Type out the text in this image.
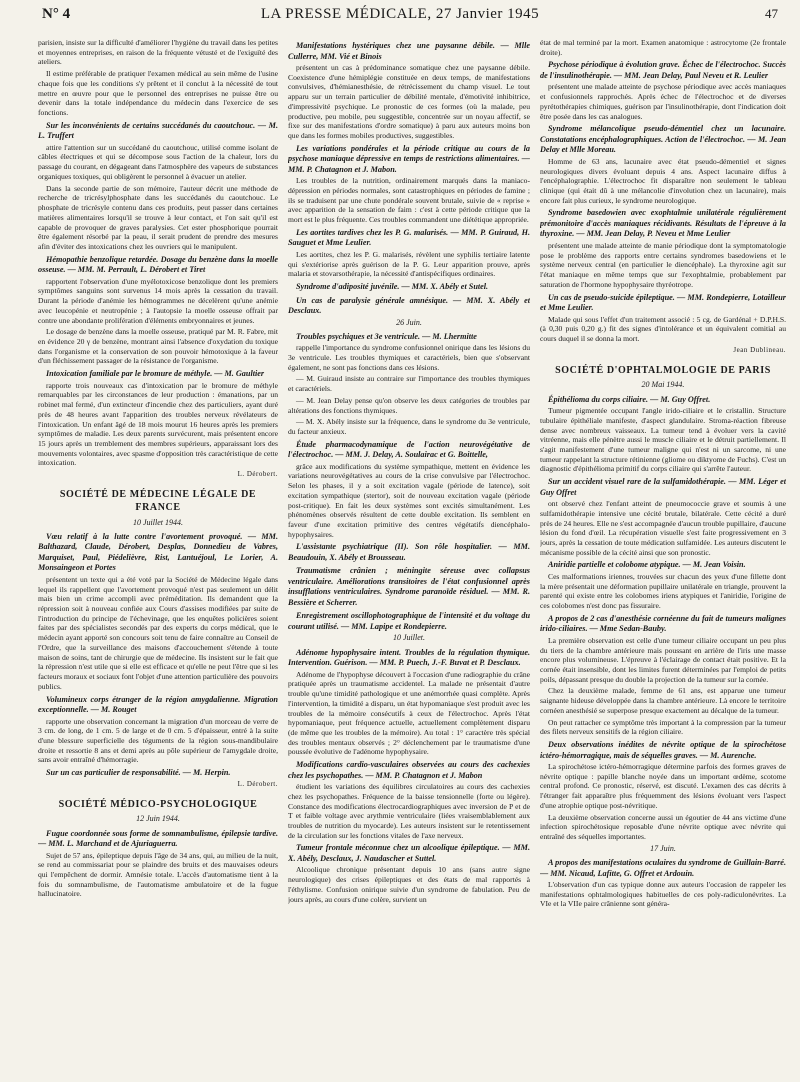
N° 4	LA PRESSE MÉDICALE, 27 Janvier 1945	47

parisien, insiste sur la difficulté d'améliorer l'hygiène du travail dans les petites et moyennes entreprises, en raison de la fréquente vétusté et de l'exiguïté des ateliers.

Il estime préférable de pratiquer l'examen médical au sein même de l'usine chaque fois que les conditions s'y prêtent et il conclut à la nécessité de tout mettre en œuvre pour que le personnel des entreprises ne puisse être ou devenir dans la totale indépendance du médecin dans l'exercice de ses fonctions.

Sur les inconvénients de certains succédanés du caoutchouc. — M. L. Truffert

attire l'attention sur un succédané du caoutchouc, utilisé comme isolant de câbles électriques et qui se décompose sous l'action de la chaleur, lors du passage du courant, en dégageant dans l'atmosphère des vapeurs de substances organiques toxiques, qui obligèrent le personnel à évacuer un atelier.

Dans la seconde partie de son mémoire, l'auteur décrit une méthode de recherche de tricrésylphosphate dans les succédanés du caoutchouc. Le phosphate de tricrésyle contenu dans ces produits, peut passer dans certaines matières alimentaires lorsqu'il se trouve à leur contact, et l'on sait qu'il est capable de provoquer de graves paralysies. Cet ester phosphorique pourrait être également résorbé par la peau, il serait prudent de prendre des mesures afin d'éviter des intoxications chez les ouvriers qui le manipulent.

Hémopathie benzolique retardée. Dosage du benzène dans la moelle osseuse. — MM. M. Perrault, L. Dérobert et Tiret

rapportent l'observation d'une myélotoxicose benzolique dont les premiers symptômes sanguins sont survenus 14 mois après la cessation du travail. Durant la période d'anémie les hémogrammes ne décelèrent qu'une anémie avec leucopénie et neutropénie ; à l'autopsie la moelle osseuse offrait par contre une abondante prolifération d'éléments embryonnaires et jeunes.

Le dosage de benzène dans la moelle osseuse, pratiqué par M. R. Fabre, mit en évidence 20 γ de benzène, montrant ainsi l'absence d'oxydation du toxique dans l'organisme et la conservation de son pouvoir hémotoxique à la faveur d'un fléchissement passager de la résistance de l'organisme.

Intoxication familiale par le bromure de méthyle. — M. Gaultier

rapporte trois nouveaux cas d'intoxication par le bromure de méthyle remarquables par les circonstances de leur production : émanations, par un robinet mal fermé, d'un extincteur d'incendie chez des particuliers, ayant duré près de 48 heures avant l'apparition des troubles nerveux révélateurs de l'intoxication. Un enfant âgé de 18 mois mourut 16 heures après les premiers symptômes de maladie. Les deux parents survécurent, mais présentent encore 15 jours après un tremblement des membres supérieurs, apparaissant lors des mouvements volontaires, avec spasme d'opposition très caractéristique de cette intoxication.

L. Dérobert.
SOCIÉTÉ DE MÉDECINE LÉGALE DE FRANCE
10 Juillet 1944.
Vœu relatif à la lutte contre l'avortement provoqué. — MM. Balthazard, Claude, Dérobert, Desplas, Donnedieu de Vabres, Marquiset, Paul, Piédelièvre, Rist, Lantuéjoul, Le Lorier, A. Monsaingeon et Portes

présentent un texte qui a été voté par la Société de Médecine légale dans lequel ils rappellent que l'avortement provoqué n'est pas seulement un délit mais bien un crime accompli avec préméditation. Ils demandent que la répression soit à nouveau confiée aux Cours d'assises modifiées par suite de l'introduction du principe de l'échevinage, que les enquêtes policières soient faites par des spécialistes secondés par des experts du corps médical, que le médecin ayant apporté son concours soit tenu de faire connaître au Conseil de l'Ordre, que la surveillance des maisons d'accouchement s'étende à toute maison de soins, tant de chirurgie que de médecine. Ils insistent sur le fait que la répression n'est utile que si elle est efficace et qu'elle ne peut l'être que si les facteurs moraux et sociaux font l'objet d'une attention particulière des pouvoirs publics.

Volumineux corps étranger de la région amygdalienne. Migration exceptionnelle. — M. Rouget

rapporte une observation concernant la migration d'un morceau de verre de 3 cm. de long, de 1 cm. 5 de large et de 0 cm. 5 d'épaisseur, entré à la suite d'une blessure superficielle des téguments de la région sous-mandibulaire droite et ressortie 8 ans et demi après au pôle supérieur de l'amygdale droite, sans avoir entraîné d'hémorragie.

Sur un cas particulier de responsabilité. — M. Herpin.
L. Dérobert.
SOCIÉTÉ MÉDICO-PSYCHOLOGIQUE
12 Juin 1944.
Fugue coordonnée sous forme de somnambulisme, épilepsie tardive. — MM. L. Marchand et de Ajuriaguerra.

Sujet de 57 ans, épileptique depuis l'âge de 34 ans, qui, au milieu de la nuit, se rend au commissariat pour se plaindre des bruits et des mauvaises odeurs qui l'empêchent de dormir. Amnésie totale. L'accès d'automatisme tient à la fois du somnambulisme, de l'automatisme ambulatoire et de la fugue hallucinatoire.

Manifestations hystériques chez une paysanne débile. — Mlle Cullerre, MM. Vié et Binois

présentent un cas à prédominance somatique chez une paysanne débile. Coexistence d'une hémiplégie constituée en deux temps, de manifestations convulsives, d'hémianesthésie, de rétrécissement du champ visuel. Le tout apparu sur un terrain particulier de débilité mentale, d'émotivité inhibitrice, d'impressivité psychique. Le pronostic de ces formes (où la malade, peu productive, peu mobile, peu suggestible, concentrée sur un noyau affectif, se fixe sur des manifestations d'ordre somatique) à paru aux auteurs moins bon que dans les formes mobiles productives, suggestibles.

Les variations pondérales et la période critique au cours de la psychose maniaque dépressive en temps de restrictions alimentaires. — MM. P. Chatagnon et J. Mabon.

Les troubles de la nutrition, ordinairement marqués dans la maniaco-dépression en périodes normales, sont catastrophiques en périodes de famine ; ils se traduisent par une chute pondérale souvent brutale, suivie de « reprise » avec apparition de la sensation de faim : c'est à cette période critique que la mort est le plus fréquente. Ces troubles commandent une diététique appropriée.

Les aortites tardives chez les P. G. malarisés. — MM. P. Guiraud, H. Sauguet et Mme Leulier.

Les aortites, chez les P. G. malarisés, révèlent une syphilis tertiaire latente qui s'extériorise après guérison de la P. G. Leur apparition prouve, après malaria et stovarsothérapie, la nécessité d'antispécifiques ordinaires.

Syndrome d'adiposité juvénile. — MM. X. Abély et Sutel.
Un cas de paralysie générale amnésique. — MM. X. Abély et Desclaux.
26 Juin.
Troubles psychiques et 3e ventricule. — M. Lhermitte

rappelle l'importance du syndrome confusionnel onirique dans les lésions du 3e ventricule. Les troubles thymiques et caractériels, bien que s'observant également, ne sont pas fonctions dans ces lésions.

— M. Guiraud insiste au contraire sur l'importance des troubles thymiques et caractériels.

— M. Jean Delay pense qu'on observe les deux catégories de troubles par altérations des fonctions thymiques.

— M. X. Abély insiste sur la fréquence, dans le syndrome du 3e ventricule, du facteur anxieux.

Étude pharmacodynamique de l'action neurovégétative de l'électrochoc. — MM. J. Delay, A. Soulairac et G. Boittelle,

grâce aux modifications du système sympathique, mettent en évidence les variations neurovégétatives au cours de la crise convulsive par l'électrochoc. Selon les phases, il y a soit excitation vagale (période de latence), soit excitation sympathique (stertor), soit de nouveau excitation vagale (période post-critique). En fait les deux systèmes sont excités simultanément. Les phénomènes observés résultent de cette double excitation. Ils semblent en faveur d'une excitation primitive des centres végétatifs diencéphalo-hypophysaires.

L'assistante psychiatrique (II). Son rôle hospitalier. — MM. Beaudouin, X. Abély et Brousseau.
Traumatisme crânien ; méningite séreuse avec collapsus ventriculaire. Améliorations transitoires de l'état confusionnel après insufflations ventriculaires. Syndrome paranoïde résiduel. — MM. R. Bessière et Scherrer.
Enregistrement oscillophotographique de l'intensité et du voltage du courant utilisé. — MM. Lapipe et Rondepierre.
10 Juillet.
Adénome hypophysaire intent. Troubles de la régulation thymique. Intervention. Guérison. — MM. P. Puech, J.-F. Buvat et P. Desclaux.

Adénome de l'hypophyse découvert à l'occasion d'une radiographie du crâne pratiquée après un traumatisme accidentel. La malade ne présentait d'autre trouble qu'une timidité pathologique et une anémorrhée quasi complète. Après l'intervention, la timidité a disparu, un état hypomaniaque s'est produit avec les troubles de la mémoire consécutifs à ceux de l'électrochoc. Après l'état hypomaniaque, peut fréquence actuelle, actuellement complètement disparu (de même que les troubles de la mémoire). Au total : 1° caractère très spécial des troubles mentaux observés ; 2° déclenchement par le traumatisme d'une poussée évolutive de l'adénome hypophysaire.

Modifications cardio-vasculaires observées au cours des cachexies chez les psychopathes. — MM. P. Chatagnon et J. Mabon

étudient les variations des équilibres circulatoires au cours des cachexies chez les psychopathes. Fréquence de la baisse tensionnelle (forte ou légère). Constance des modifications électrocardiographiques avec inversion de P et de T et faible voltage avec arythmie ventriculaire (liées vraisemblablement aux troubles de nutrition du myocarde). Les auteurs insistent sur le retentissement de la circulation sur les fonctions vitales de l'axe nerveux.

Tumeur frontale méconnue chez un alcoolique épileptique. — MM. X. Abély, Desclaux, J. Naudascher et Suttel.

Alcoolique chronique présentant depuis 10 ans (sans autre signe neurologique) des crises épileptiques et des états de mal rapportés à l'éthylisme. Confusion onirique suivie d'un syndrome de fabulation. Peu de jours après, au cours d'une colère, survient un

état de mal terminé par la mort. Examen anatomique : astrocytome (2e frontale droite).

Psychose périodique à évolution grave. Échec de l'électrochoc. Succès de l'insulinothérapie. — MM. Jean Delay, Paul Neveu et R. Leulier

présentent une malade atteinte de psychose périodique avec accès maniaques et confusionnels rapprochés. Après échec de l'électrochoc et de diverses pyrétothérapies chimiques, guérison par l'insulinothérapie, dont l'indication doit être posée dans les cas analogues.

Syndrome mélancolique pseudo-démentiel chez un lacunaire. Constatations encéphalographiques. Action de l'électrochoc. — M. Jean Delay et Mlle Moreau.

Homme de 63 ans, lacunaire avec état pseudo-démentiel et signes neurologiques divers évoluant depuis 4 ans. Aspect lacunaire diffus à l'encéphalographie. L'électrochoc fit disparaître non seulement le tableau clinique (qui était dû à une mélancolie d'involution chez un lacunaire), mais encore fait plus curieux, le syndrome neurologique.

Syndrome basedowien avec exophtalmie unilatérale régulièrement prémonitoire d'accès maniaques récidivants. Résultats de l'épreuve à la thyroxine. — MM. Jean Delay, P. Neveu et Mme Leulier

présentent une malade atteinte de manie périodique dont la symptomatologie pose le problème des rapports entre certains syndromes basedowiens et le système nerveux central (en particulier le diencéphale). La thyroxine agit sur l'état maniaque en même temps que sur l'exophtalmie, probablement par saturation de l'hormone hypophysaire thyréotrope.

Un cas de pseudo-suicide épileptique. — MM. Rondepierre, Lotailleur et Mme Leulier.

Malade qui sous l'effet d'un traitement associé : 5 cg. de Gardénal + D.P.H.S. (à 0,30 puis 0,20 g.) fit des signes d'intolérance et un équivalent comitial au cours duquel il se donna la mort.

Jean Dublineau.
SOCIÉTÉ D'OPHTALMOLOGIE DE PARIS
20 Mai 1944.
Épithélioma du corps ciliaire. — M. Guy Offret.

Tumeur pigmentée occupant l'angle irido-ciliaire et le cristallin. Structure tubulaire épithéliale manifeste, d'aspect glandulaire. Stroma-réaction fibreuse dense avec nombreux vaisseaux. La tumeur tend à évoluer vers la cavité vitréenne, mais elle pénètre aussi le muscle ciliaire et le détruit partiellement. Il s'agit manifestement d'une tumeur maligne qui n'est ni un sarcome, ni une tumeur rappelant la structure rétinienne (gliome ou diktyome de Fuchs). C'est un diagnostic d'épithélioma primitif du corps ciliaire qui s'arrête l'auteur.

Sur un accident visuel rare de la sulfamidothérapie. — MM. Léger et Guy Offret

ont observé chez l'enfant atteint de pneumococcie grave et soumis à une sulfamidothérapie intensive une cécité brutale, bilatérale. Cette cécité a duré près de 24 heures. Elle ne s'est accompagnée d'aucun trouble pupillaire, d'aucune lésion du fond d'œil. La récupération visuelle s'est faite progressivement en 3 jours, après la cessation de toute médication sulfamidée. Les auteurs discutent le mécanisme possible de la cécité ainsi que son pronostic.

Aniridie partielle et colobome atypique. — M. Jean Voisin.

Ces malformations iriennes, trouvées sur chacun des yeux d'une fillette dont la mère présentait une déformation pupillaire unilatérale en triangle, prouvent la parenté qui existe entre les colobomes iriens atypiques et l'aniridie, l'origine de ces colobomes n'est donc pas fissuraire.

A propos de 2 cas d'anesthésie cornéenne du fait de tumeurs malignes irido-ciliaires. — Mme Sedan-Bauby.

La première observation est celle d'une tumeur ciliaire occupant un peu plus du tiers de la chambre antérieure mais poussant en arrière de l'iris une masse encore plus volumineuse. L'épreuve à l'éclairage de contact était positive. Et la cornée était insensible, dont les limites furent déterminées par l'emploi de petits poils, dépassant presque du double la projection de la tumeur sur la cornée.

Chez la deuxième malade, femme de 61 ans, est apparue une tumeur saignante hideuse développée dans la chambre antérieure. Là encore le territoire cornéen anesthésié se superpose presque exactement au décalque de la tumeur.

On peut rattacher ce symptôme très important à la compression par la tumeur des filets nerveux sensitifs de la région ciliaire.

Deux observations inédites de névrite optique de la spirochétose ictéro-hémorragique, mais de séquelles graves. — M. Aurenche.

La spirochétose ictéro-hémorragique détermine parfois des formes graves de névrite optique : papille blanche noyée dans un important œdème, scotome central profond. Ce pronostic, réservé, est discuté. L'examen des cas décrits à l'étranger fait apparaître plus fréquemment des lésions évoluant vers l'aspect d'une atrophie optique post-névritique.

La deuxième observation concerne aussi un égoutier de 44 ans victime d'une infection spirochétosique reposable d'une névrite optique avec névrite qui entraîné des séquelles importantes.

17 Juin.
A propos des manifestations oculaires du syndrome de Guillain-Barré. — MM. Nicaud, Lafitte, G. Offret et Ardouin.

L'observation d'un cas typique donne aux auteurs l'occasion de rappeler les manifestations ophtalmologiques habituelles de ces poly-radiculonévrites. La VIe et la VIIe paire crânienne sont généra-
